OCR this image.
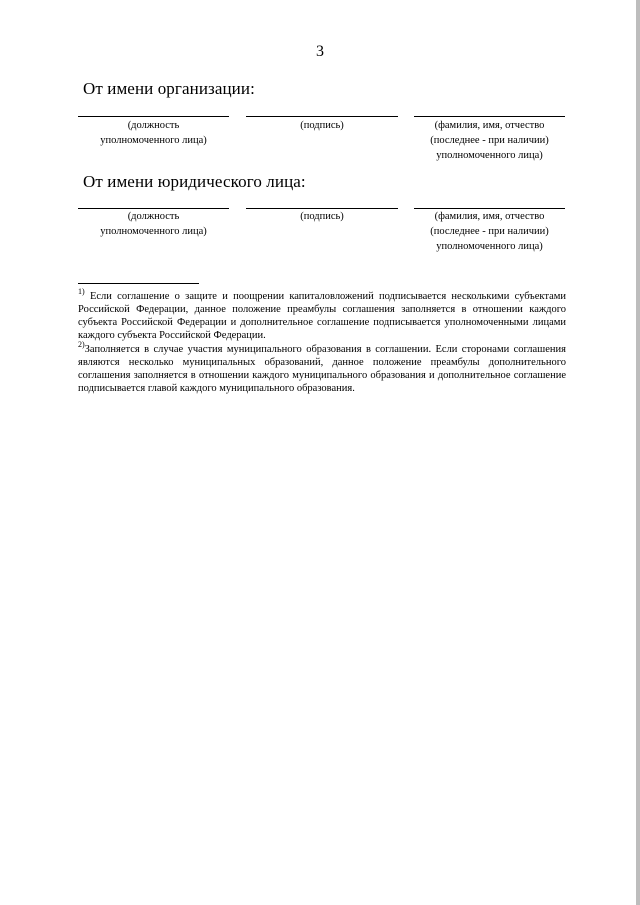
3
От имени организации:
(должность
уполномоченного лица)
(подпись)	(фамилия, имя, отчество
(последнее - при наличии)
уполномоченного лица)
От имени юридического лица:
(должность
уполномоченного лица)
(подпись)	(фамилия, имя, отчество
(последнее - при наличии)
уполномоченного лица)
$^{1)}$ Если соглашение о защите и поощрении капиталовложений подписывается несколькими субъектами Российской Федерации, данное положение преамбулы соглашения заполняется в отношении каждого субъекта Российской Федерации и дополнительное соглашение подписывается уполномоченными лицами каждого субъекта Российской Федерации.
$^{2)}$Заполняется в случае участия муниципального образования в соглашении. Если сторонами соглашения являются несколько муниципальных образований, данное положение преамбулы дополнительного соглашения заполняется в отношении каждого муниципального образования и дополнительное соглашение подписывается главой каждого муниципального образования.
